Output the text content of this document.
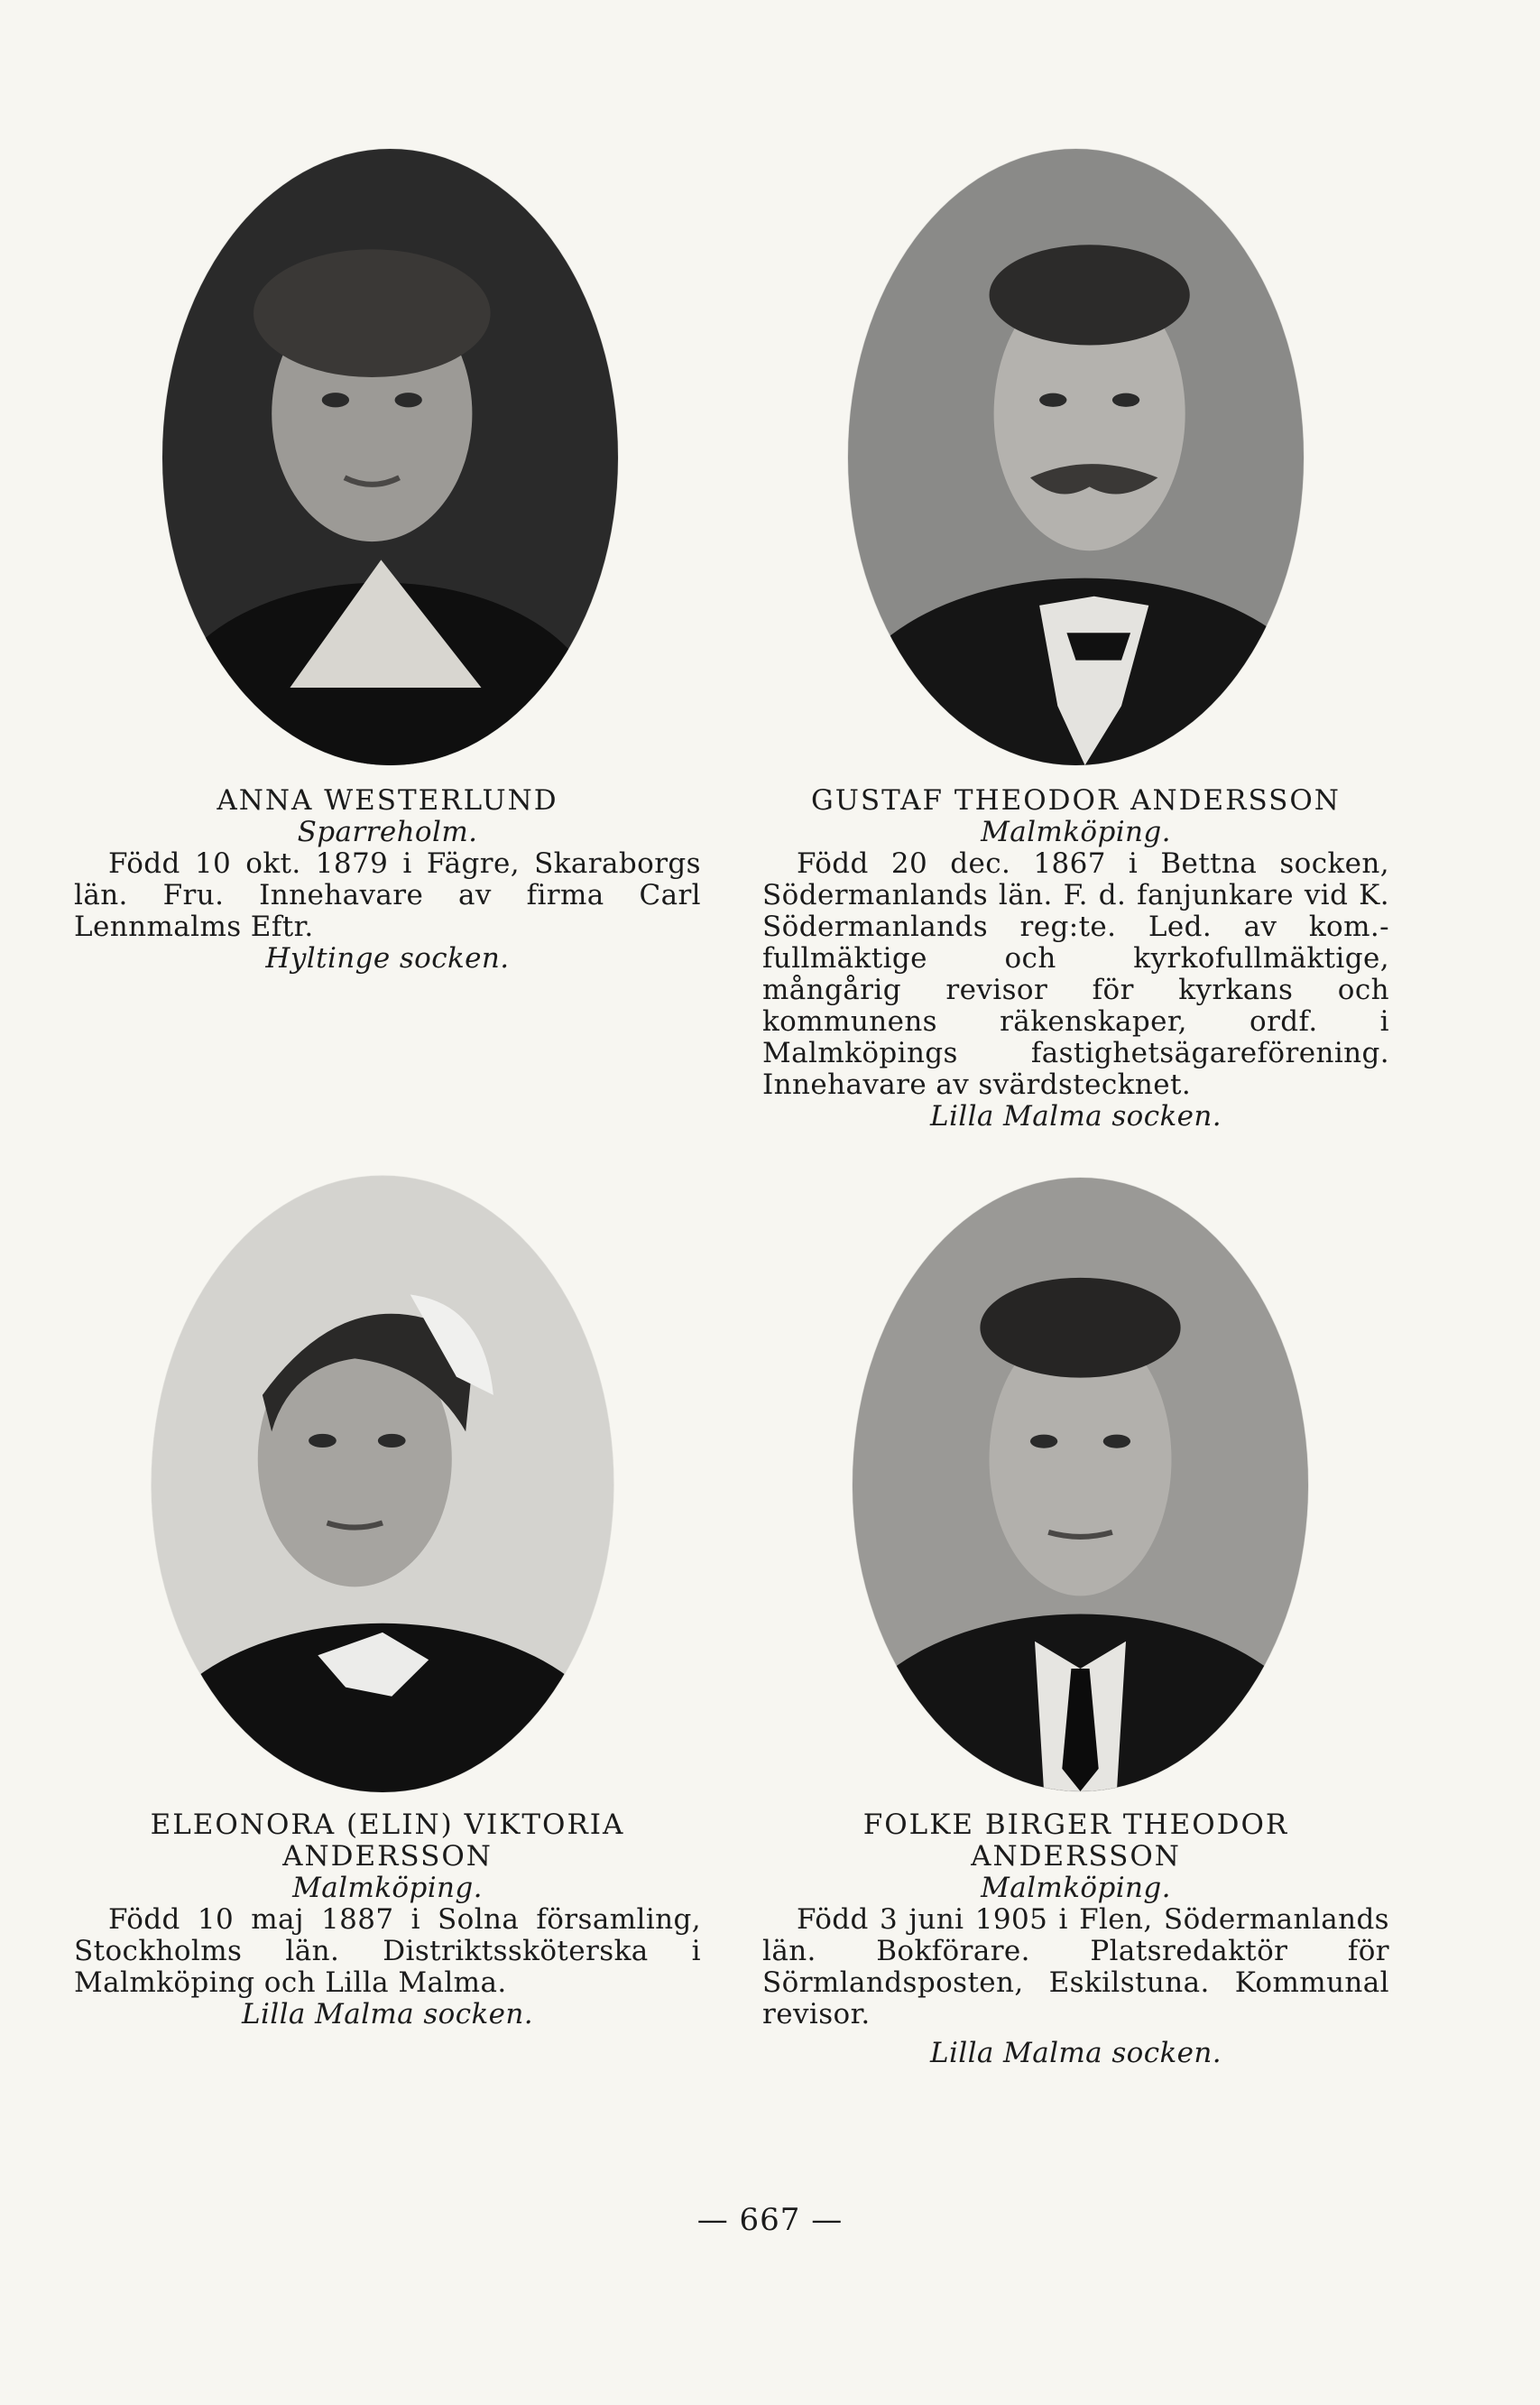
ANNA WESTERLUND
Sparreholm.
Född 10 okt. 1879 i Fägre, Skaraborgs län. Fru. Innehavare av firma Carl Lennmalms Eftr.
Hyltinge socken.
GUSTAF THEODOR ANDERSSON
Malmköping.
Född 20 dec. 1867 i Bettna socken, Södermanlands län. F. d. fanjunkare vid K. Södermanlands reg:te. Led. av kom.-fullmäktige och kyrkofullmäktige, mångårig revisor för kyrkans och kommunens räkenskaper, ordf. i Malmköpings fastighetsägareförening. Innehavare av svärdstecknet.
Lilla Malma socken.
ELEONORA (ELIN) VIKTORIA ANDERSSON
Malmköping.
Född 10 maj 1887 i Solna församling, Stockholms län. Distriktssköterska i Malmköping och Lilla Malma.
Lilla Malma socken.
FOLKE BIRGER THEODOR ANDERSSON
Malmköping.
Född 3 juni 1905 i Flen, Södermanlands län. Bokförare. Platsredaktör för Sörmlandsposten, Eskilstuna. Kommunal revisor.
Lilla Malma socken.
— 667 —
